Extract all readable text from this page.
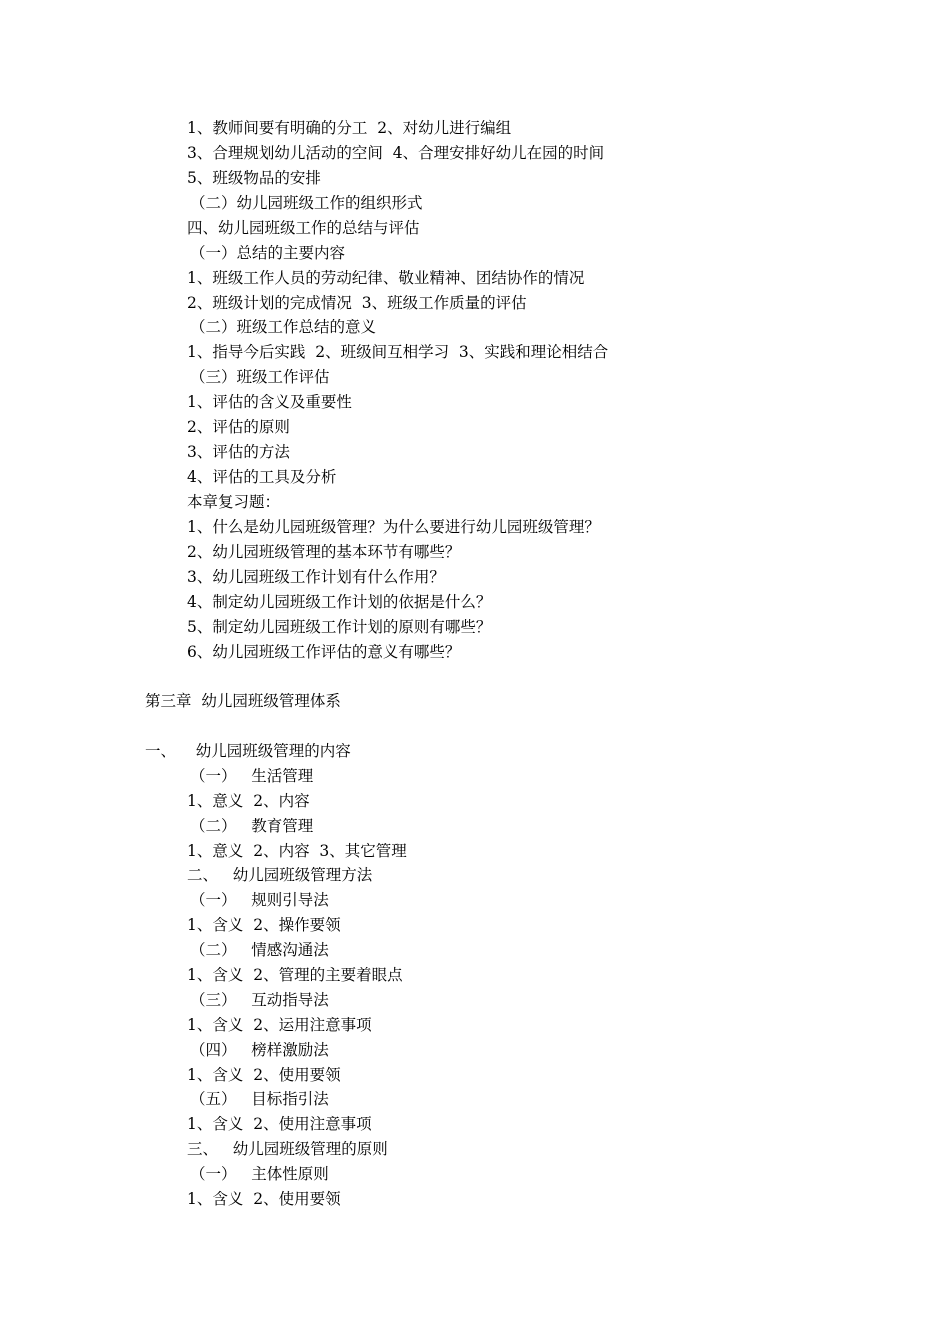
1、教师间要有明确的分工  2、对幼儿进行编组
3、合理规划幼儿活动的空间  4、合理安排好幼儿在园的时间
5、班级物品的安排
（二）幼儿园班级工作的组织形式
四、幼儿园班级工作的总结与评估
（一）总结的主要内容
1、班级工作人员的劳动纪律、敬业精神、团结协作的情况
2、班级计划的完成情况  3、班级工作质量的评估
（二）班级工作总结的意义
1、指导今后实践  2、班级间互相学习  3、实践和理论相结合
（三）班级工作评估
1、评估的含义及重要性
2、评估的原则
3、评估的方法
4、评估的工具及分析
本章复习题：
1、什么是幼儿园班级管理？为什么要进行幼儿园班级管理？
2、幼儿园班级管理的基本环节有哪些？
3、幼儿园班级工作计划有什么作用？
4、制定幼儿园班级工作计划的依据是什么？
5、制定幼儿园班级工作计划的原则有哪些？
6、幼儿园班级工作评估的意义有哪些？
第三章  幼儿园班级管理体系
一、    幼儿园班级管理的内容
（一）   生活管理
1、意义  2、内容
（二）   教育管理
1、意义  2、内容  3、其它管理
二、   幼儿园班级管理方法
（一）   规则引导法
1、含义  2、操作要领
（二）   情感沟通法
1、含义  2、管理的主要着眼点
（三）   互动指导法
1、含义  2、运用注意事项
（四）   榜样激励法
1、含义  2、使用要领
（五）   目标指引法
1、含义  2、使用注意事项
三、   幼儿园班级管理的原则
（一）   主体性原则
1、含义  2、使用要领
